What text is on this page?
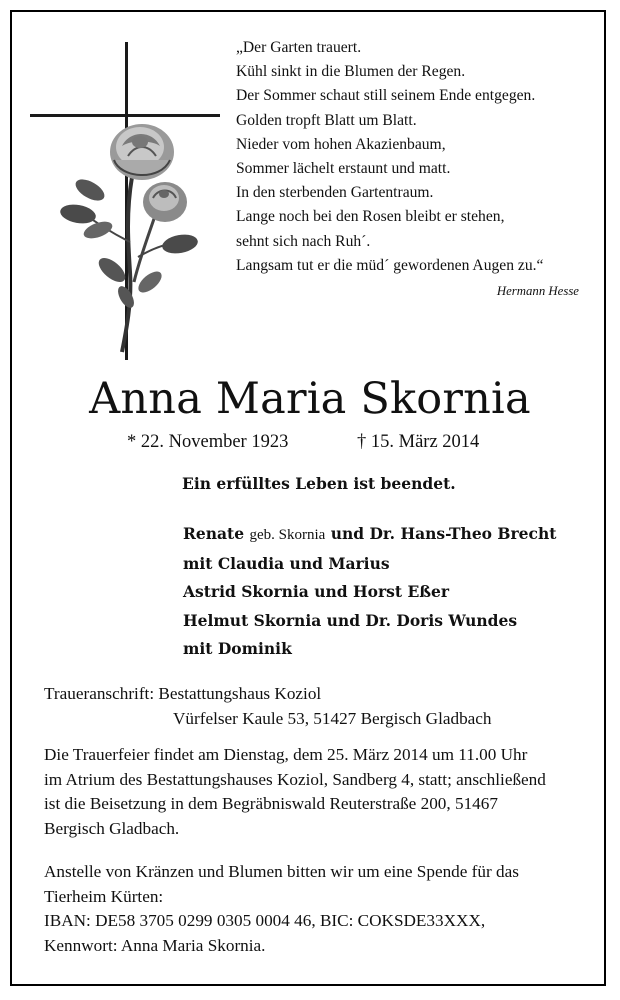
„Der Garten trauert.
Kühl sinkt in die Blumen der Regen.
Der Sommer schaut still seinem Ende entgegen.
Golden tropft Blatt um Blatt.
Nieder vom hohen Akazienbaum,
Sommer lächelt erstaunt und matt.
In den sterbenden Gartentraum.
Lange noch bei den Rosen bleibt er stehen,
sehnt sich nach Ruh´.
Langsam tut er die müd´ gewordenen Augen zu.“
Hermann Hesse
Anna Maria Skornia
* 22. November 1923	† 15. März 2014
Ein erfülltes Leben ist beendet.
Renate geb. Skornia und Dr. Hans-Theo Brecht
mit Claudia und Marius
Astrid Skornia und Horst Eßer
Helmut Skornia und Dr. Doris Wundes
mit Dominik
Traueranschrift: Bestattungshaus Koziol
Vürfelser Kaule 53, 51427 Bergisch Gladbach
Die Trauerfeier findet am Dienstag, dem 25. März 2014 um 11.00 Uhr
im Atrium des Bestattungshauses Koziol, Sandberg 4, statt; anschließend
ist die Beisetzung in dem Begräbniswald Reuterstraße 200, 51467
Bergisch Gladbach.
Anstelle von Kränzen und Blumen bitten wir um eine Spende für das
Tierheim Kürten:
IBAN: DE58 3705 0299 0305 0004 46, BIC: COKSDE33XXX,
Kennwort: Anna Maria Skornia.
